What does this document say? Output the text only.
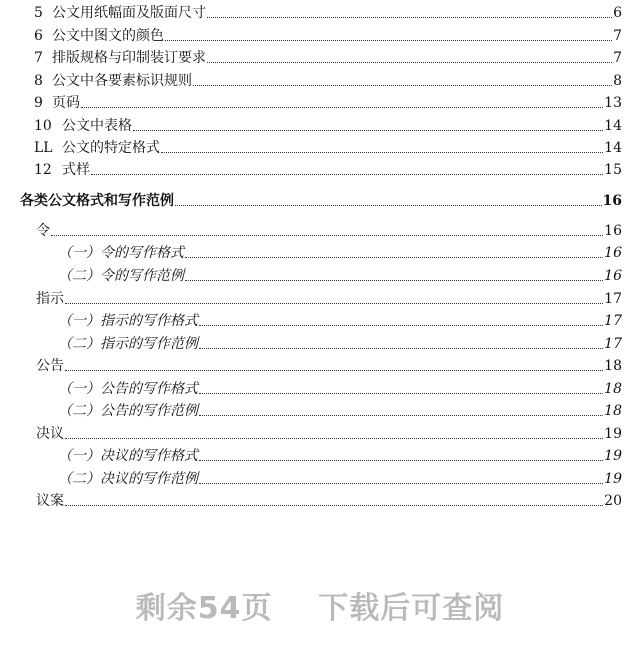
5 公文用纸幅面及版面尺寸	6
6 公文中图文的颜色	7
7 排版规格与印制装订要求	7
8 公文中各要素标识规则	8
9 页码	13
10 公文中表格	14
LL 公文的特定格式	14
12 式样	15
各类公文格式和写作范例	16
令	16
（一）令的写作格式	16
（二）令的写作范例	16
指示	17
（一）指示的写作格式	17
（二）指示的写作范例	17
公告	18
（一）公告的写作格式	18
（二）公告的写作范例	18
决议	19
（一）决议的写作格式	19
（二）决议的写作范例	19
议案	20
剩余54页    下载后可查阅
